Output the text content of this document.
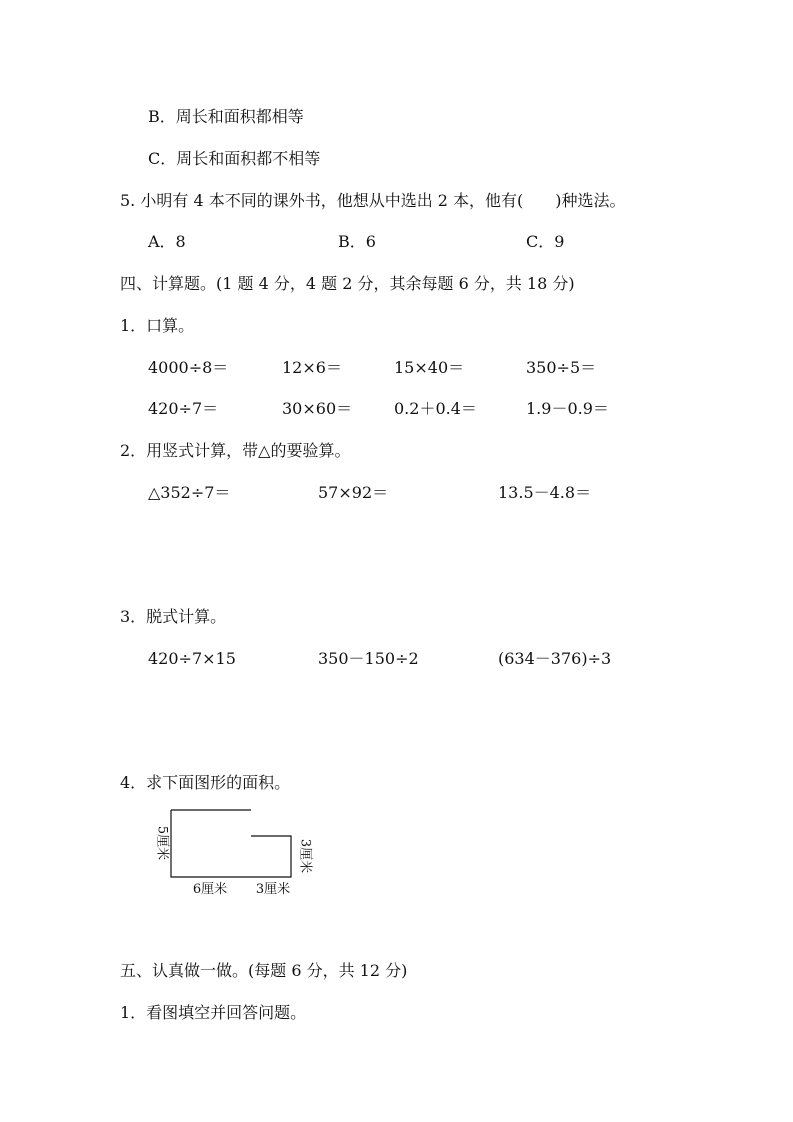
B．周长和面积都相等
C．周长和面积都不相等
5. 小明有 4 本不同的课外书，他想从中选出 2 本，他有(　　)种选法。
A．8	B．6	C．9
四、计算题。(1 题 4 分，4 题 2 分，其余每题 6 分，共 18 分)
1．口算。
4000÷8＝	12×6＝	15×40＝	350÷5＝
420÷7＝	30×60＝	0.2＋0.4＝	1.9－0.9＝
2．用竖式计算，带△的要验算。
△352÷7＝	57×92＝	13.5－4.8＝
3．脱式计算。
420÷7×15	350－150÷2	(634－376)÷3
4．求下面图形的面积。
5厘米	3厘米
6厘米 3厘米
五、认真做一做。(每题 6 分，共 12 分)
1．看图填空并回答问题。
